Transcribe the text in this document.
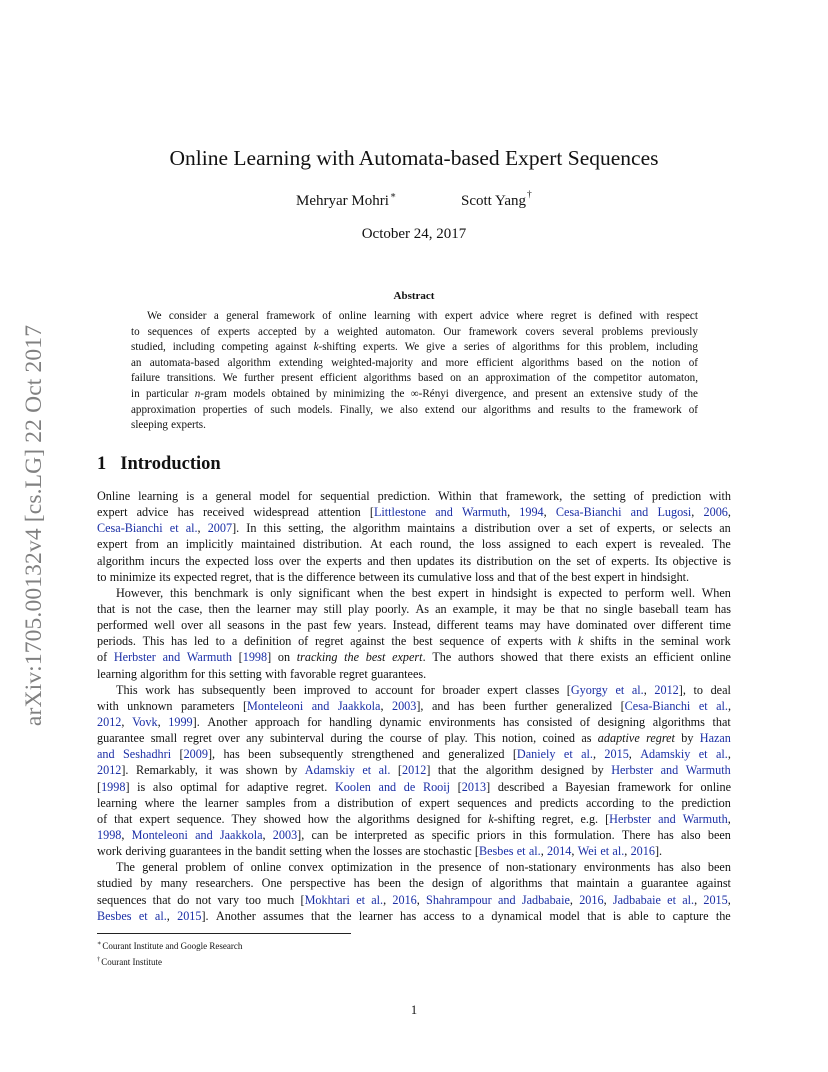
arXiv:1705.00132v4 [cs.LG] 22 Oct 2017
Online Learning with Automata-based Expert Sequences
Mehryar Mohri∗	Scott Yang†
October 24, 2017
Abstract
We consider a general framework of online learning with expert advice where regret is defined with respect
to sequences of experts accepted by a weighted automaton. Our framework covers several problems previously
studied, including competing against k-shifting experts. We give a series of algorithms for this problem, including
an automata-based algorithm extending weighted-majority and more efficient algorithms based on the notion of
failure transitions. We further present efficient algorithms based on an approximation of the competitor automaton,
in particular n-gram models obtained by minimizing the ∞-Rényi divergence, and present an extensive study of the
approximation properties of such models. Finally, we also extend our algorithms and results to the framework of
sleeping experts.
1 Introduction
Online learning is a general model for sequential prediction. Within that framework, the setting of prediction with
expert advice has received widespread attention [Littlestone and Warmuth, 1994, Cesa-Bianchi and Lugosi, 2006,
Cesa-Bianchi et al., 2007]. In this setting, the algorithm maintains a distribution over a set of experts, or selects an
expert from an implicitly maintained distribution. At each round, the loss assigned to each expert is revealed. The
algorithm incurs the expected loss over the experts and then updates its distribution on the set of experts. Its objective is
to minimize its expected regret, that is the difference between its cumulative loss and that of the best expert in hindsight.
However, this benchmark is only significant when the best expert in hindsight is expected to perform well. When
that is not the case, then the learner may still play poorly. As an example, it may be that no single baseball team has
performed well over all seasons in the past few years. Instead, different teams may have dominated over different time
periods. This has led to a definition of regret against the best sequence of experts with k shifts in the seminal work
of Herbster and Warmuth [1998] on tracking the best expert. The authors showed that there exists an efficient online
learning algorithm for this setting with favorable regret guarantees.
This work has subsequently been improved to account for broader expert classes [Gyorgy et al., 2012], to deal
with unknown parameters [Monteleoni and Jaakkola, 2003], and has been further generalized [Cesa-Bianchi et al.,
2012, Vovk, 1999]. Another approach for handling dynamic environments has consisted of designing algorithms that
guarantee small regret over any subinterval during the course of play. This notion, coined as adaptive regret by Hazan
and Seshadhri [2009], has been subsequently strengthened and generalized [Daniely et al., 2015, Adamskiy et al.,
2012]. Remarkably, it was shown by Adamskiy et al. [2012] that the algorithm designed by Herbster and Warmuth
[1998] is also optimal for adaptive regret. Koolen and de Rooij [2013] described a Bayesian framework for online
learning where the learner samples from a distribution of expert sequences and predicts according to the prediction
of that expert sequence. They showed how the algorithms designed for k-shifting regret, e.g. [Herbster and Warmuth,
1998, Monteleoni and Jaakkola, 2003], can be interpreted as specific priors in this formulation. There has also been
work deriving guarantees in the bandit setting when the losses are stochastic [Besbes et al., 2014, Wei et al., 2016].
The general problem of online convex optimization in the presence of non-stationary environments has also been
studied by many researchers. One perspective has been the design of algorithms that maintain a guarantee against
sequences that do not vary too much [Mokhtari et al., 2016, Shahrampour and Jadbabaie, 2016, Jadbabaie et al., 2015,
Besbes et al., 2015]. Another assumes that the learner has access to a dynamical model that is able to capture the
∗Courant Institute and Google Research
†Courant Institute
1
